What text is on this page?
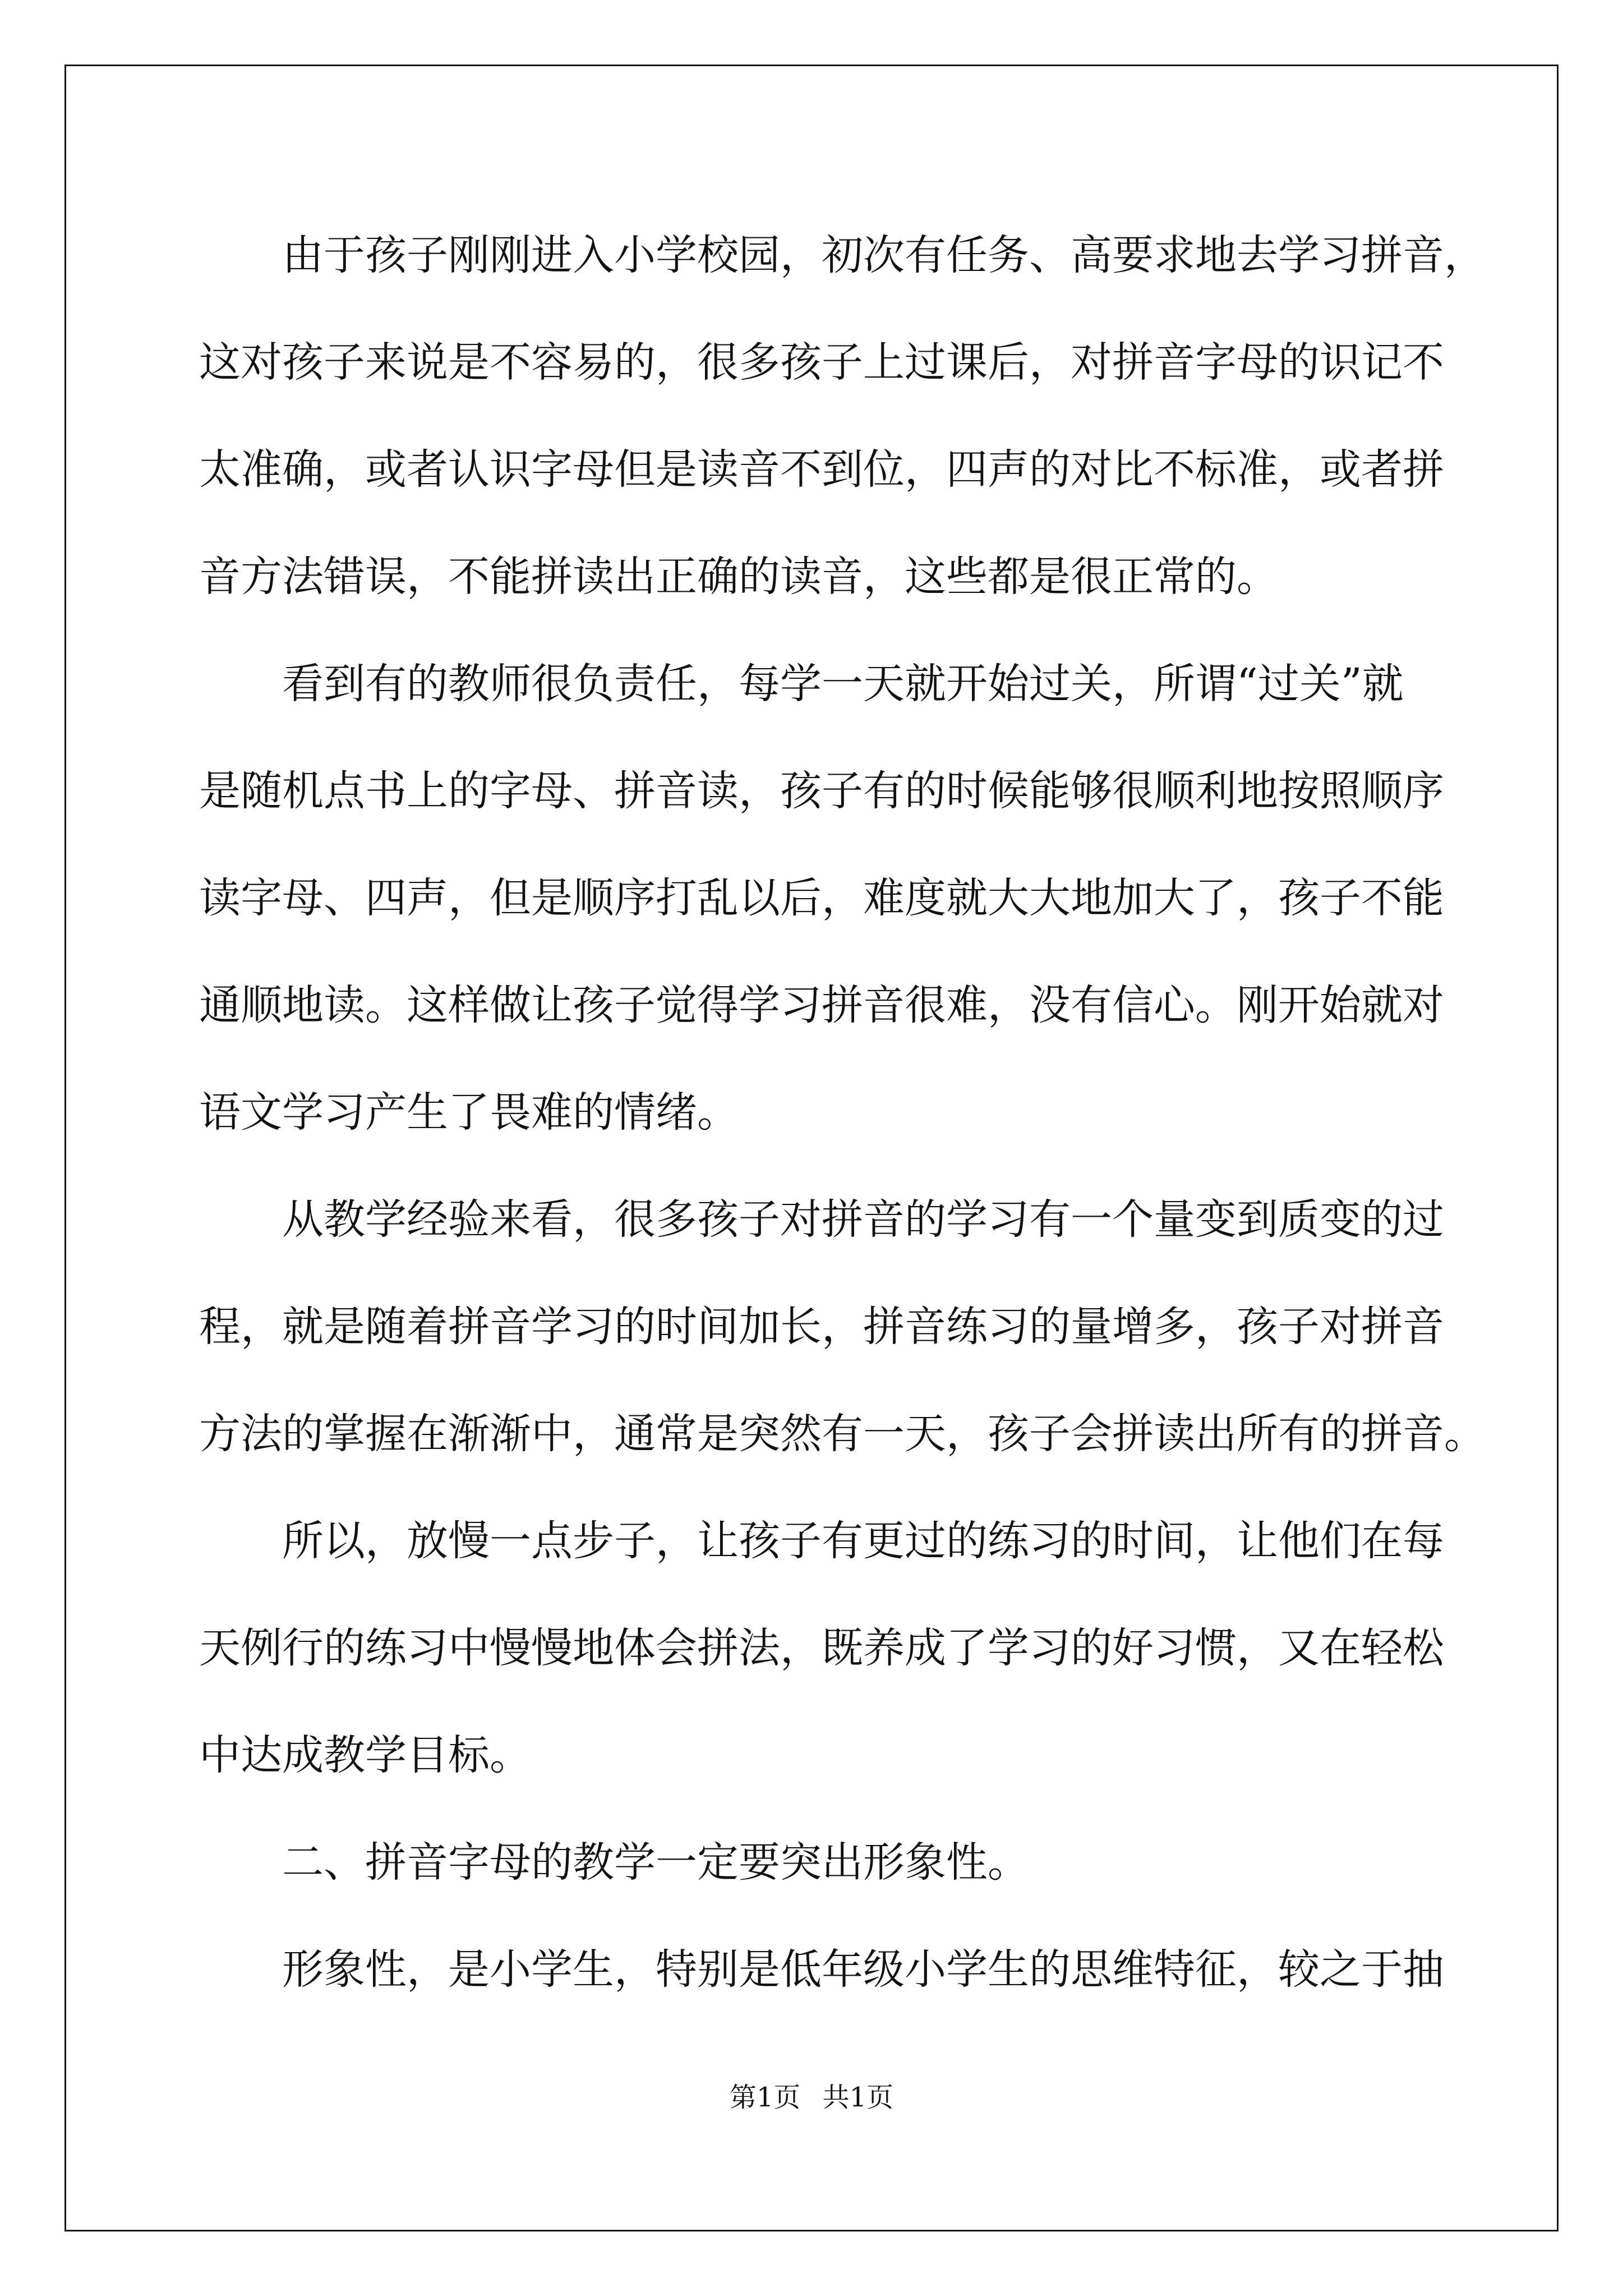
　　由于孩子刚刚进入小学校园，初次有任务、高要求地去学习拼音，
这对孩子来说是不容易的，很多孩子上过课后，对拼音字母的识记不
太准确，或者认识字母但是读音不到位，四声的对比不标准，或者拼
音方法错误，不能拼读出正确的读音，这些都是很正常的。
　　看到有的教师很负责任，每学一天就开始过关，所谓“过关”就
是随机点书上的字母、拼音读，孩子有的时候能够很顺利地按照顺序
读字母、四声，但是顺序打乱以后，难度就大大地加大了，孩子不能
通顺地读。这样做让孩子觉得学习拼音很难，没有信心。刚开始就对
语文学习产生了畏难的情绪。
　　从教学经验来看，很多孩子对拼音的学习有一个量变到质变的过
程，就是随着拼音学习的时间加长，拼音练习的量增多，孩子对拼音
方法的掌握在渐渐中，通常是突然有一天，孩子会拼读出所有的拼音。
　　所以，放慢一点步子，让孩子有更过的练习的时间，让他们在每
天例行的练习中慢慢地体会拼法，既养成了学习的好习惯，又在轻松
中达成教学目标。
　　二、拼音字母的教学一定要突出形象性。
　　形象性，是小学生，特别是低年级小学生的思维特征，较之于抽
第1页 共1页
